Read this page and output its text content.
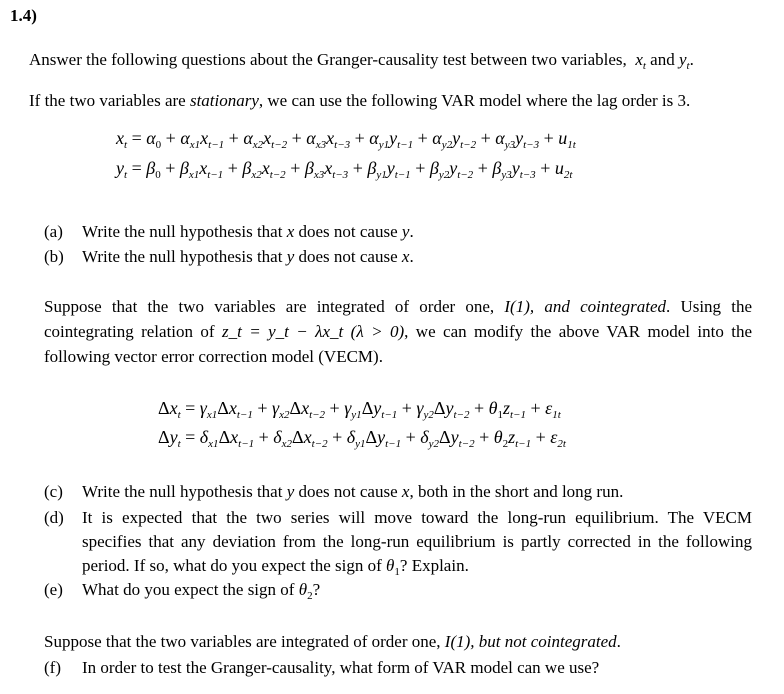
1.4)
Answer the following questions about the Granger-causality test between two variables,  $x_t$ and $y_t$.
If the two variables are stationary, we can use the following VAR model where the lag order is 3.
$x_t = \alpha_0 + \alpha_{x1}x_{t-1} + \alpha_{x2}x_{t-2} + \alpha_{x3}x_{t-3} + \alpha_{y1}y_{t-1} + \alpha_{y2}y_{t-2} + \alpha_{y3}y_{t-3} + u_{1t}$
$y_t = \beta_0 + \beta_{x1}x_{t-1} + \beta_{x2}x_{t-2} + \beta_{x3}x_{t-3} + \beta_{y1}y_{t-1} + \beta_{y2}y_{t-2} + \beta_{y3}y_{t-3} + u_{2t}$
(a) Write the null hypothesis that x does not cause y.
(b) Write the null hypothesis that y does not cause x.
Suppose that the two variables are integrated of order one, I(1), and cointegrated. Using the
cointegrating relation of z_t = y_t − λx_t (λ > 0), we can modify the above VAR model into the
following vector error correction model (VECM).
$\Delta x_t = \gamma_{x1}\Delta x_{t-1} + \gamma_{x2}\Delta x_{t-2} + \gamma_{y1}\Delta y_{t-1} + \gamma_{y2}\Delta y_{t-2} + \theta_1z_{t-1} + \varepsilon_{1t}$
$\Delta y_t = \delta_{x1}\Delta x_{t-1} + \delta_{x2}\Delta x_{t-2} + \delta_{y1}\Delta y_{t-1} + \delta_{y2}\Delta y_{t-2} + \theta_2z_{t-1} + \varepsilon_{2t}$
(c) Write the null hypothesis that y does not cause x, both in the short and long run.
(d) It is expected that the two series will move toward the long-run equilibrium. The VECM
specifies that any deviation from the long-run equilibrium is partly corrected in the following
period. If so, what do you expect the sign of $\theta_1$? Explain.
(e) What do you expect the sign of $\theta_2$?
Suppose that the two variables are integrated of order one, I(1), but not cointegrated.
(f) In order to test the Granger-causality, what form of VAR model can we use?
